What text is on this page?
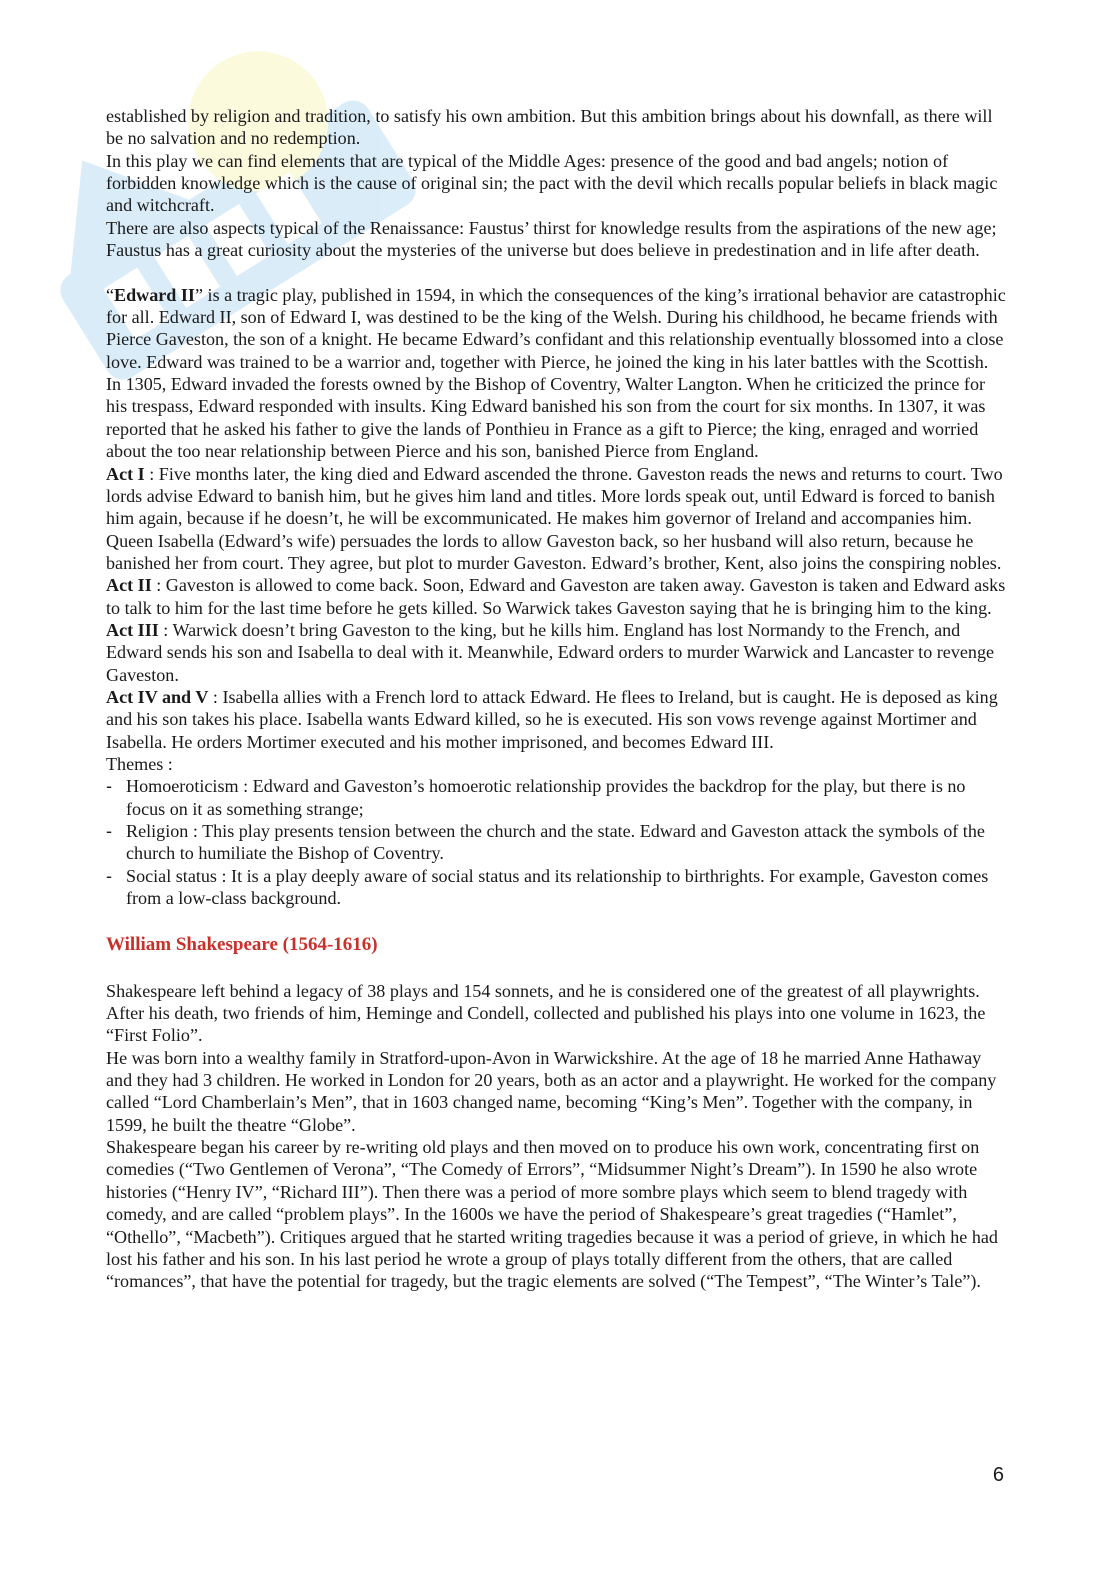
established by religion and tradition, to satisfy his own ambition. But this ambition brings about his downfall, as there will be no salvation and no redemption.

In this play we can find elements that are typical of the Middle Ages: presence of the good and bad angels; notion of forbidden knowledge which is the cause of original sin; the pact with the devil which recalls popular beliefs in black magic and witchcraft.

There are also aspects typical of the Renaissance: Faustus’ thirst for knowledge results from the aspirations of the new age; Faustus has a great curiosity about the mysteries of the universe but does believe in predestination and in life after death.

“Edward II” is a tragic play, published in 1594, in which the consequences of the king’s irrational behavior are catastrophic for all. Edward II, son of Edward I, was destined to be the king of the Welsh. During his childhood, he became friends with Pierce Gaveston, the son of a knight. He became Edward’s confidant and this relationship eventually blossomed into a close love. Edward was trained to be a warrior and, together with Pierce, he joined the king in his later battles with the Scottish. In 1305, Edward invaded the forests owned by the Bishop of Coventry, Walter Langton. When he criticized the prince for his trespass, Edward responded with insults. King Edward banished his son from the court for six months. In 1307, it was reported that he asked his father to give the lands of Ponthieu in France as a gift to Pierce; the king, enraged and worried about the too near relationship between Pierce and his son, banished Pierce from England.

Act I : Five months later, the king died and Edward ascended the throne. Gaveston reads the news and returns to court. Two lords advise Edward to banish him, but he gives him land and titles. More lords speak out, until Edward is forced to banish him again, because if he doesn’t, he will be excommunicated. He makes him governor of Ireland and accompanies him. Queen Isabella (Edward’s wife) persuades the lords to allow Gaveston back, so her husband will also return, because he banished her from court. They agree, but plot to murder Gaveston. Edward’s brother, Kent, also joins the conspiring nobles.

Act II : Gaveston is allowed to come back. Soon, Edward and Gaveston are taken away. Gaveston is taken and Edward asks to talk to him for the last time before he gets killed. So Warwick takes Gaveston saying that he is bringing him to the king.

Act III : Warwick doesn’t bring Gaveston to the king, but he kills him. England has lost Normandy to the French, and Edward sends his son and Isabella to deal with it. Meanwhile, Edward orders to murder Warwick and Lancaster to revenge Gaveston.

Act IV and V : Isabella allies with a French lord to attack Edward. He flees to Ireland, but is caught. He is deposed as king and his son takes his place. Isabella wants Edward killed, so he is executed. His son vows revenge against Mortimer and Isabella. He orders Mortimer executed and his mother imprisoned, and becomes Edward III.

Themes :

- Homoeroticism : Edward and Gaveston’s homoerotic relationship provides the backdrop for the play, but there is no focus on it as something strange;
- Religion : This play presents tension between the church and the state. Edward and Gaveston attack the symbols of the church to humiliate the Bishop of Coventry.
- Social status : It is a play deeply aware of social status and its relationship to birthrights. For example, Gaveston comes from a low-class background.
William Shakespeare (1564-1616)

Shakespeare left behind a legacy of 38 plays and 154 sonnets, and he is considered one of the greatest of all playwrights. After his death, two friends of him, Heminge and Condell, collected and published his plays into one volume in 1623, the “First Folio”.

He was born into a wealthy family in Stratford-upon-Avon in Warwickshire. At the age of 18 he married Anne Hathaway and they had 3 children. He worked in London for 20 years, both as an actor and a playwright. He worked for the company called “Lord Chamberlain’s Men”, that in 1603 changed name, becoming “King’s Men”. Together with the company, in 1599, he built the theatre “Globe”.

Shakespeare began his career by re-writing old plays and then moved on to produce his own work, concentrating first on comedies (“Two Gentlemen of Verona”, “The Comedy of Errors”, “Midsummer Night’s Dream”). In 1590 he also wrote histories (“Henry IV”, “Richard III”). Then there was a period of more sombre plays which seem to blend tragedy with comedy, and are called “problem plays”. In the 1600s we have the period of Shakespeare’s great tragedies (“Hamlet”, “Othello”, “Macbeth”). Critiques argued that he started writing tragedies because it was a period of grieve, in which he had lost his father and his son. In his last period he wrote a group of plays totally different from the others, that are called “romances”, that have the potential for tragedy, but the tragic elements are solved (“The Tempest”, “The Winter’s Tale”).

6
